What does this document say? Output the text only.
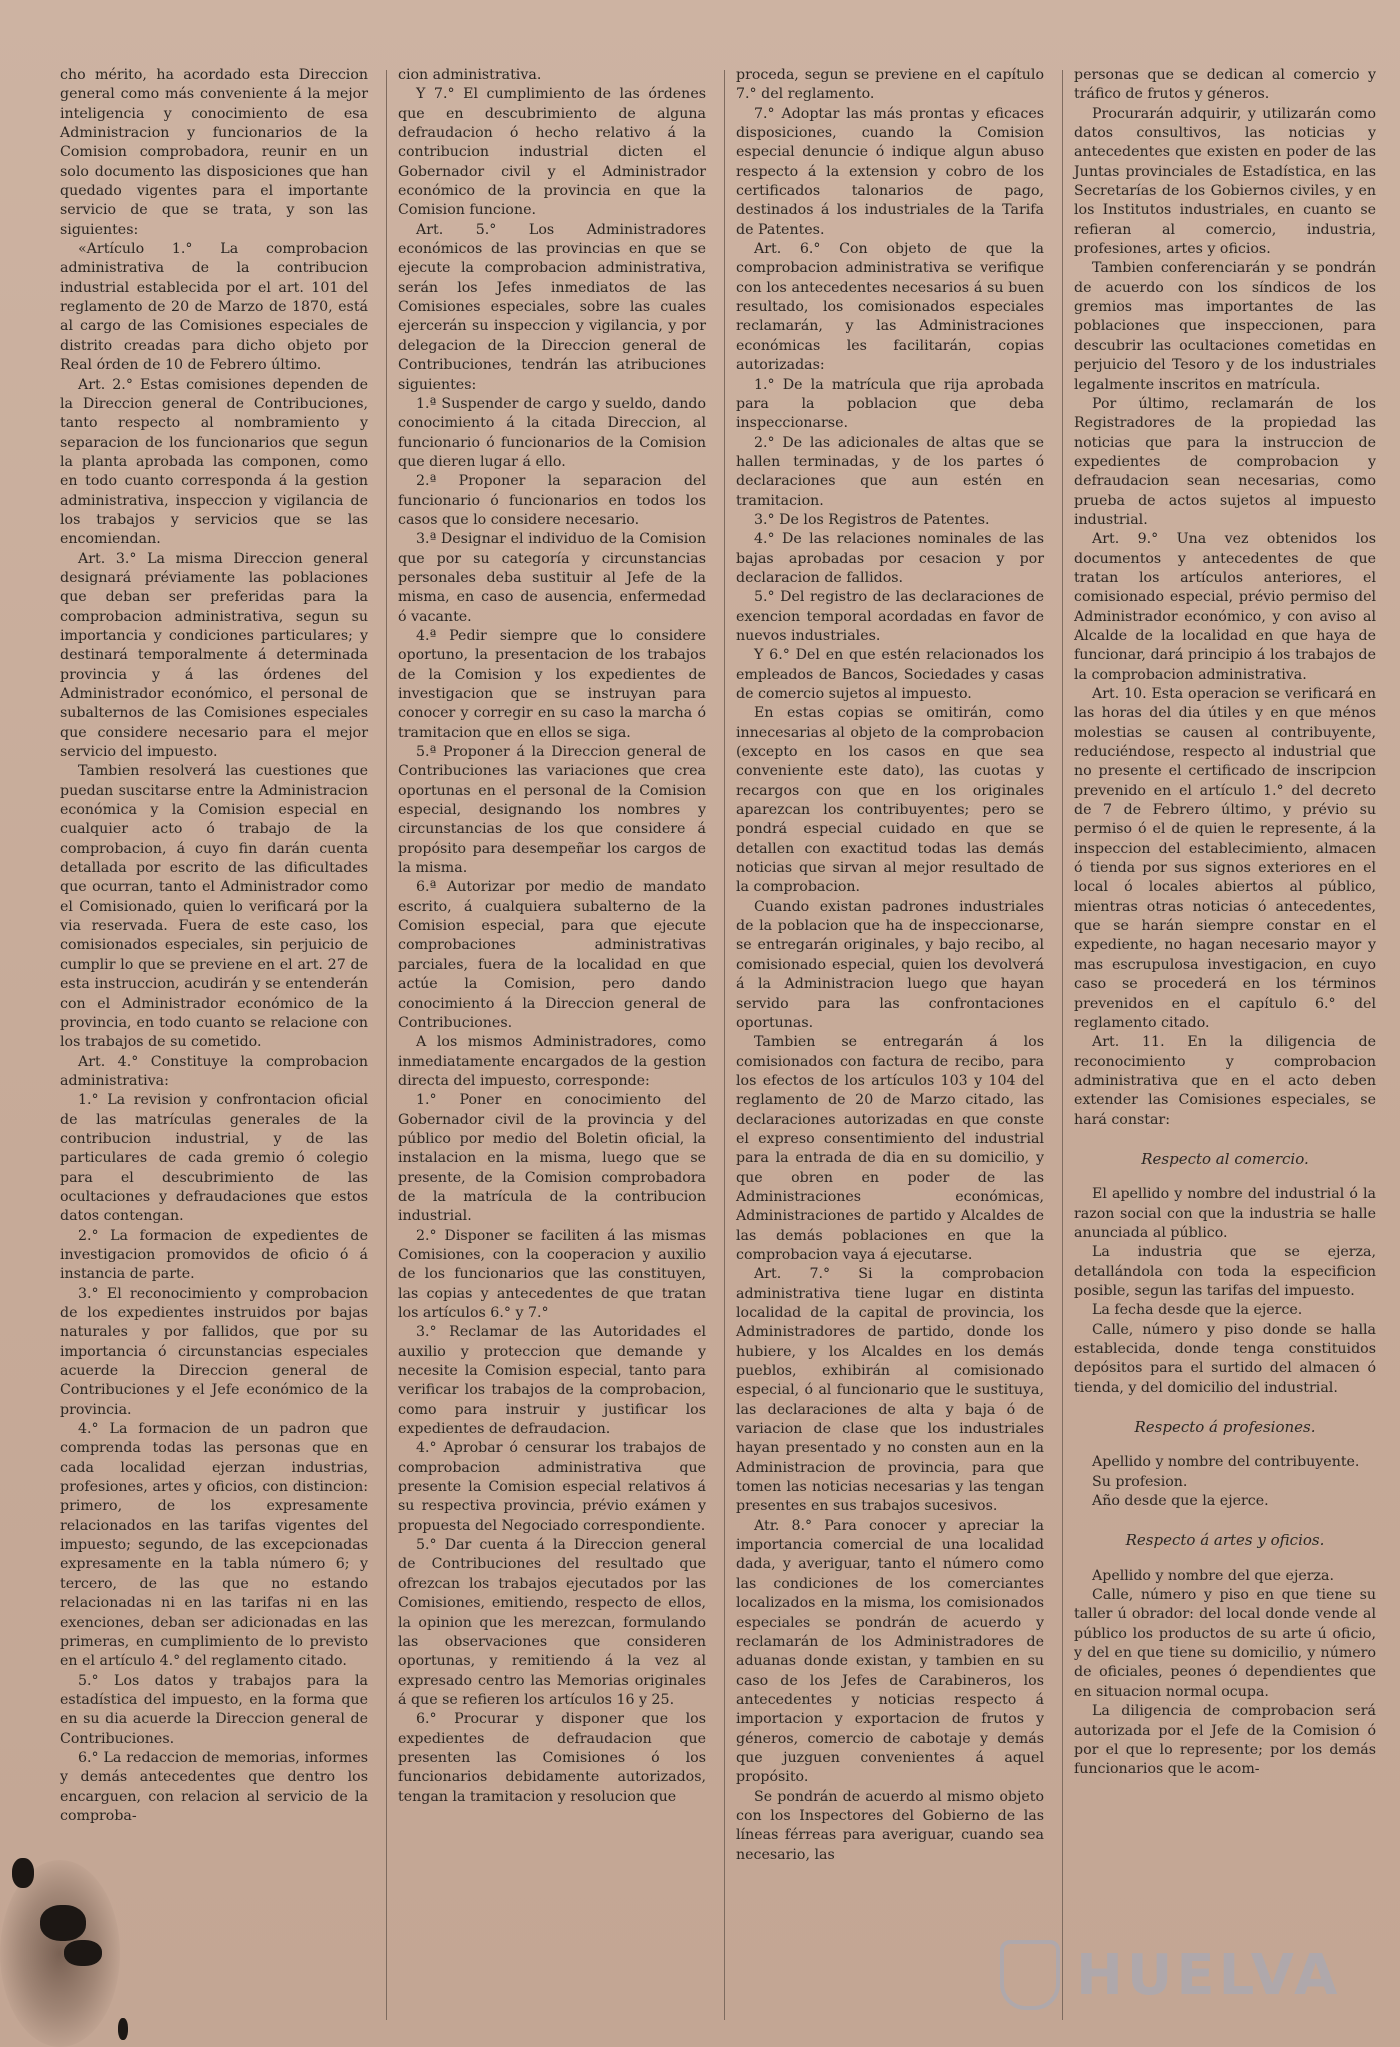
cho mérito, ha acordado esta Direccion general como más conveniente á la mejor inteligencia y conocimiento de esa Administracion y funcionarios de la Comision comprobadora, reunir en un solo documento las disposiciones que han quedado vigentes para el importante servicio de que se trata, y son las siguientes:

«Artículo 1.° La comprobacion administrativa de la contribucion industrial establecida por el art. 101 del reglamento de 20 de Marzo de 1870, está al cargo de las Comisiones especiales de distrito creadas para dicho objeto por Real órden de 10 de Febrero último.

Art. 2.° Estas comisiones dependen de la Direccion general de Contribuciones, tanto respecto al nombramiento y separacion de los funcionarios que segun la planta aprobada las componen, como en todo cuanto corresponda á la gestion administrativa, inspeccion y vigilancia de los trabajos y servicios que se las encomiendan.

Art. 3.° La misma Direccion general designará préviamente las poblaciones que deban ser preferidas para la comprobacion administrativa, segun su importancia y condiciones particulares; y destinará temporalmente á determinada provincia y á las órdenes del Administrador económico, el personal de subalternos de las Comisiones especiales que considere necesario para el mejor servicio del impuesto.

Tambien resolverá las cuestiones que puedan suscitarse entre la Administracion económica y la Comision especial en cualquier acto ó trabajo de la comprobacion, á cuyo fin darán cuenta detallada por escrito de las dificultades que ocurran, tanto el Administrador como el Comisionado, quien lo verificará por la via reservada. Fuera de este caso, los comisionados especiales, sin perjuicio de cumplir lo que se previene en el art. 27 de esta instruccion, acudirán y se entenderán con el Administrador económico de la provincia, en todo cuanto se relacione con los trabajos de su cometido.

Art. 4.° Constituye la comprobacion administrativa:

1.° La revision y confrontacion oficial de las matrículas generales de la contribucion industrial, y de las particulares de cada gremio ó colegio para el descubrimiento de las ocultaciones y defraudaciones que estos datos contengan.

2.° La formacion de expedientes de investigacion promovidos de oficio ó á instancia de parte.

3.° El reconocimiento y comprobacion de los expedientes instruidos por bajas naturales y por fallidos, que por su importancia ó circunstancias especiales acuerde la Direccion general de Contribuciones y el Jefe económico de la provincia.

4.° La formacion de un padron que comprenda todas las personas que en cada localidad ejerzan industrias, profesiones, artes y oficios, con distincion: primero, de los expresamente relacionados en las tarifas vigentes del impuesto; segundo, de las excepcionadas expresamente en la tabla número 6; y tercero, de las que no estando relacionadas ni en las tarifas ni en las exenciones, deban ser adicionadas en las primeras, en cumplimiento de lo previsto en el artículo 4.° del reglamento citado.

5.° Los datos y trabajos para la estadística del impuesto, en la forma que en su dia acuerde la Direccion general de Contribuciones.

6.° La redaccion de memorias, informes y demás antecedentes que dentro los encarguen, con relacion al servicio de la comproba-

cion administrativa.

Y 7.° El cumplimiento de las órdenes que en descubrimiento de alguna defraudacion ó hecho relativo á la contribucion industrial dicten el Gobernador civil y el Administrador económico de la provincia en que la Comision funcione.

Art. 5.° Los Administradores económicos de las provincias en que se ejecute la comprobacion administrativa, serán los Jefes inmediatos de las Comisiones especiales, sobre las cuales ejercerán su inspeccion y vigilancia, y por delegacion de la Direccion general de Contribuciones, tendrán las atribuciones siguientes:

1.ª Suspender de cargo y sueldo, dando conocimiento á la citada Direccion, al funcionario ó funcionarios de la Comision que dieren lugar á ello.

2.ª Proponer la separacion del funcionario ó funcionarios en todos los casos que lo considere necesario.

3.ª Designar el individuo de la Comision que por su categoría y circunstancias personales deba sustituir al Jefe de la misma, en caso de ausencia, enfermedad ó vacante.

4.ª Pedir siempre que lo considere oportuno, la presentacion de los trabajos de la Comision y los expedientes de investigacion que se instruyan para conocer y corregir en su caso la marcha ó tramitacion que en ellos se siga.

5.ª Proponer á la Direccion general de Contribuciones las variaciones que crea oportunas en el personal de la Comision especial, designando los nombres y circunstancias de los que considere á propósito para desempeñar los cargos de la misma.

6.ª Autorizar por medio de mandato escrito, á cualquiera subalterno de la Comision especial, para que ejecute comprobaciones administrativas parciales, fuera de la localidad en que actúe la Comision, pero dando conocimiento á la Direccion general de Contribuciones.

A los mismos Administradores, como inmediatamente encargados de la gestion directa del impuesto, corresponde:

1.° Poner en conocimiento del Gobernador civil de la provincia y del público por medio del Boletin oficial, la instalacion en la misma, luego que se presente, de la Comision comprobadora de la matrícula de la contribucion industrial.

2.° Disponer se faciliten á las mismas Comisiones, con la cooperacion y auxilio de los funcionarios que las constituyen, las copias y antecedentes de que tratan los artículos 6.° y 7.°

3.° Reclamar de las Autoridades el auxilio y proteccion que demande y necesite la Comision especial, tanto para verificar los trabajos de la comprobacion, como para instruir y justificar los expedientes de defraudacion.

4.° Aprobar ó censurar los trabajos de comprobacion administrativa que presente la Comision especial relativos á su respectiva provincia, prévio exámen y propuesta del Negociado correspondiente.

5.° Dar cuenta á la Direccion general de Contribuciones del resultado que ofrezcan los trabajos ejecutados por las Comisiones, emitiendo, respecto de ellos, la opinion que les merezcan, formulando las observaciones que consideren oportunas, y remitiendo á la vez al expresado centro las Memorias originales á que se refieren los artículos 16 y 25.

6.° Procurar y disponer que los expedientes de defraudacion que presenten las Comisiones ó los funcionarios debidamente autorizados, tengan la tramitacion y resolucion que

proceda, segun se previene en el capítulo 7.° del reglamento.

7.° Adoptar las más prontas y eficaces disposiciones, cuando la Comision especial denuncie ó indique algun abuso respecto á la extension y cobro de los certificados talonarios de pago, destinados á los industriales de la Tarifa de Patentes.

Art. 6.° Con objeto de que la comprobacion administrativa se verifique con los antecedentes necesarios á su buen resultado, los comisionados especiales reclamarán, y las Administraciones económicas les facilitarán, copias autorizadas:

1.° De la matrícula que rija aprobada para la poblacion que deba inspeccionarse.

2.° De las adicionales de altas que se hallen terminadas, y de los partes ó declaraciones que aun estén en tramitacion.

3.° De los Registros de Patentes.

4.° De las relaciones nominales de las bajas aprobadas por cesacion y por declaracion de fallidos.

5.° Del registro de las declaraciones de exencion temporal acordadas en favor de nuevos industriales.

Y 6.° Del en que estén relacionados los empleados de Bancos, Sociedades y casas de comercio sujetos al impuesto.

En estas copias se omitirán, como innecesarias al objeto de la comprobacion (excepto en los casos en que sea conveniente este dato), las cuotas y recargos con que en los originales aparezcan los contribuyentes; pero se pondrá especial cuidado en que se detallen con exactitud todas las demás noticias que sirvan al mejor resultado de la comprobacion.

Cuando existan padrones industriales de la poblacion que ha de inspeccionarse, se entregarán originales, y bajo recibo, al comisionado especial, quien los devolverá á la Administracion luego que hayan servido para las confrontaciones oportunas.

Tambien se entregarán á los comisionados con factura de recibo, para los efectos de los artículos 103 y 104 del reglamento de 20 de Marzo citado, las declaraciones autorizadas en que conste el expreso consentimiento del industrial para la entrada de dia en su domicilio, y que obren en poder de las Administraciones económicas, Administraciones de partido y Alcaldes de las demás poblaciones en que la comprobacion vaya á ejecutarse.

Art. 7.° Si la comprobacion administrativa tiene lugar en distinta localidad de la capital de provincia, los Administradores de partido, donde los hubiere, y los Alcaldes en los demás pueblos, exhibirán al comisionado especial, ó al funcionario que le sustituya, las declaraciones de alta y baja ó de variacion de clase que los industriales hayan presentado y no consten aun en la Administracion de provincia, para que tomen las noticias necesarias y las tengan presentes en sus trabajos sucesivos.

Atr. 8.° Para conocer y apreciar la importancia comercial de una localidad dada, y averiguar, tanto el número como las condiciones de los comerciantes localizados en la misma, los comisionados especiales se pondrán de acuerdo y reclamarán de los Administradores de aduanas donde existan, y tambien en su caso de los Jefes de Carabineros, los antecedentes y noticias respecto á importacion y exportacion de frutos y géneros, comercio de cabotaje y demás que juzguen convenientes á aquel propósito.

Se pondrán de acuerdo al mismo objeto con los Inspectores del Gobierno de las líneas férreas para averiguar, cuando sea necesario, las

personas que se dedican al comercio y tráfico de frutos y géneros.

Procurarán adquirir, y utilizarán como datos consultivos, las noticias y antecedentes que existen en poder de las Juntas provinciales de Estadística, en las Secretarías de los Gobiernos civiles, y en los Institutos industriales, en cuanto se refieran al comercio, industria, profesiones, artes y oficios.

Tambien conferenciarán y se pondrán de acuerdo con los síndicos de los gremios mas importantes de las poblaciones que inspeccionen, para descubrir las ocultaciones cometidas en perjuicio del Tesoro y de los industriales legalmente inscritos en matrícula.

Por último, reclamarán de los Registradores de la propiedad las noticias que para la instruccion de expedientes de comprobacion y defraudacion sean necesarias, como prueba de actos sujetos al impuesto industrial.

Art. 9.° Una vez obtenidos los documentos y antecedentes de que tratan los artículos anteriores, el comisionado especial, prévio permiso del Administrador económico, y con aviso al Alcalde de la localidad en que haya de funcionar, dará principio á los trabajos de la comprobacion administrativa.

Art. 10. Esta operacion se verificará en las horas del dia útiles y en que ménos molestias se causen al contribuyente, reduciéndose, respecto al industrial que no presente el certificado de inscripcion prevenido en el artículo 1.° del decreto de 7 de Febrero último, y prévio su permiso ó el de quien le represente, á la inspeccion del establecimiento, almacen ó tienda por sus signos exteriores en el local ó locales abiertos al público, mientras otras noticias ó antecedentes, que se harán siempre constar en el expediente, no hagan necesario mayor y mas escrupulosa investigacion, en cuyo caso se procederá en los términos prevenidos en el capítulo 6.° del reglamento citado.

Art. 11. En la diligencia de reconocimiento y comprobacion administrativa que en el acto deben extender las Comisiones especiales, se hará constar:

Respecto al comercio.

El apellido y nombre del industrial ó la razon social con que la industria se halle anunciada al público.

La industria que se ejerza, detallándola con toda la especificion posible, segun las tarifas del impuesto.

La fecha desde que la ejerce.

Calle, número y piso donde se halla establecida, donde tenga constituidos depósitos para el surtido del almacen ó tienda, y del domicilio del industrial.

Respecto á profesiones.

Apellido y nombre del contribuyente.

Su profesion.

Año desde que la ejerce.

Respecto á artes y oficios.

Apellido y nombre del que ejerza.

Calle, número y piso en que tiene su taller ú obrador: del local donde vende al público los productos de su arte ú oficio, y del en que tiene su domicilio, y número de oficiales, peones ó dependientes que en situacion normal ocupa.

La diligencia de comprobacion será autorizada por el Jefe de la Comision ó por el que lo represente; por los demás funcionarios que le acom-

HUELVA
